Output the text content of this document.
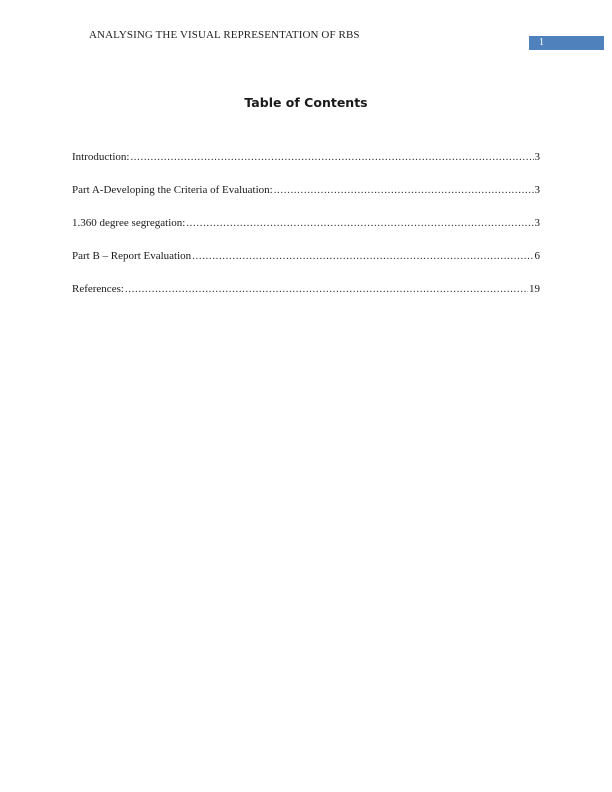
ANALYSING THE VISUAL REPRESENTATION OF RBS
1
Table of Contents
Introduction: .....	3
Part A-Developing the Criteria of Evaluation: .....	3
1.360 degree segregation: .....	3
Part B – Report Evaluation .....	6
References: .....	19
